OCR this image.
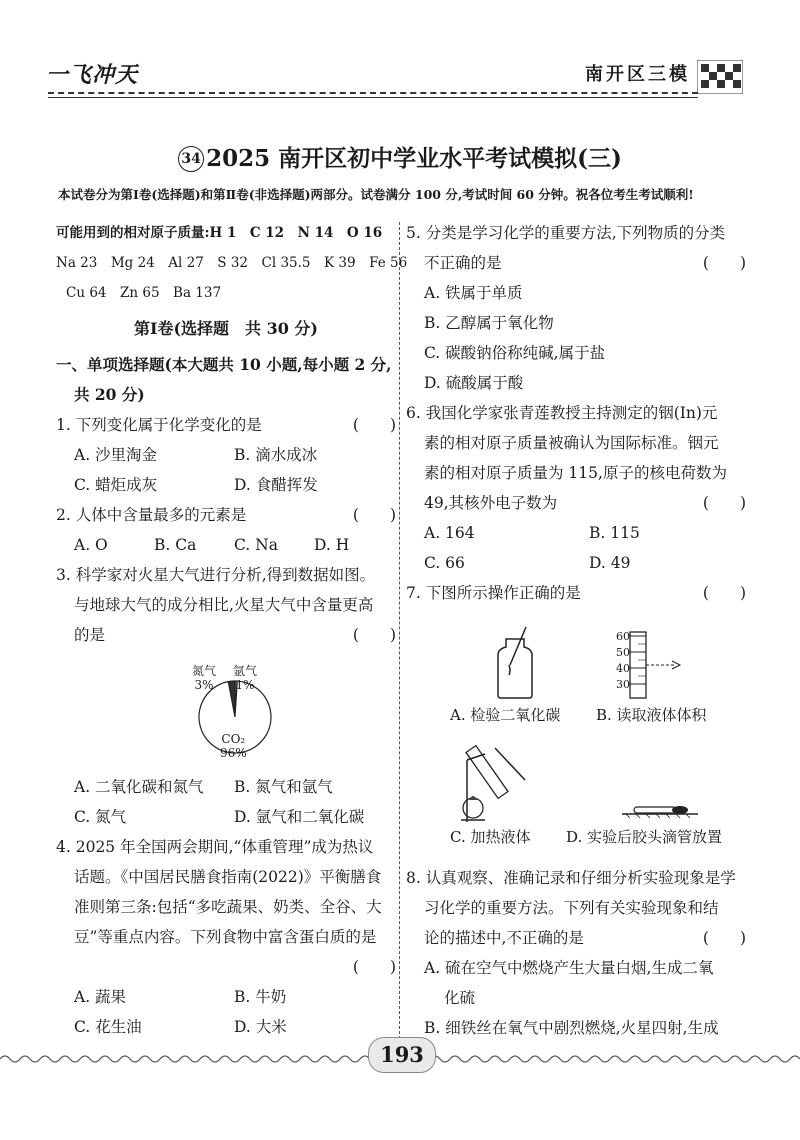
一飞冲天	南开区三模
34 2025 南开区初中学业水平考试模拟(三)
本试卷分为第Ⅰ卷(选择题)和第Ⅱ卷(非选择题)两部分。试卷满分 100 分,考试时间 60 分钟。祝各位考生考试顺利!
可能用到的相对原子质量:H 1　C 12　N 14　O 16
Na 23　Mg 24　Al 27　S 32　Cl 35.5　K 39　Fe 56
Cu 64　Zn 65　Ba 137
第Ⅰ卷(选择题　共 30 分)
一、单项选择题(本大题共 10 小题,每小题 2 分,
共 20 分)
1. 下列变化属于化学变化的是	(　　)
A. 沙里淘金	B. 滴水成冰
C. 蜡炬成灰	D. 食醋挥发
2. 人体中含量最多的元素是	(　　)
A. O	B. Ca	C. Na	D. H
3. 科学家对火星大气进行分析,得到数据如图。
与地球大气的成分相比,火星大气中含量更高
的是	(　　)
氮气
3%
氩气
1%
CO₂
96%
A. 二氧化碳和氮气	B. 氮气和氩气
C. 氮气	D. 氩气和二氧化碳
4. 2025 年全国两会期间,“体重管理”成为热议
话题。《中国居民膳食指南(2022)》平衡膳食
准则第三条:包括“多吃蔬果、奶类、全谷、大
豆”等重点内容。下列食物中富含蛋白质的是

(　　)
A. 蔬果	B. 牛奶
C. 花生油	D. 大米
5. 分类是学习化学的重要方法,下列物质的分类
不正确的是	(　　)
A. 铁属于单质
B. 乙醇属于氧化物
C. 碳酸钠俗称纯碱,属于盐
D. 硫酸属于酸
6. 我国化学家张青莲教授主持测定的铟(In)元
素的相对原子质量被确认为国际标准。铟元
素的相对原子质量为 115,原子的核电荷数为
49,其核外电子数为	(　　)
A. 164	B. 115
C. 66	D. 49
7. 下图所示操作正确的是	(　　)
60
50
40
30
A. 检验二氧化碳 B. 读取液体体积
C. 加热液体 D. 实验后胶头滴管放置
8. 认真观察、准确记录和仔细分析实验现象是学
习化学的重要方法。下列有关实验现象和结
论的描述中,不正确的是	(　　)
A. 硫在空气中燃烧产生大量白烟,生成二氧
化硫
B. 细铁丝在氧气中剧烈燃烧,火星四射,生成
193
